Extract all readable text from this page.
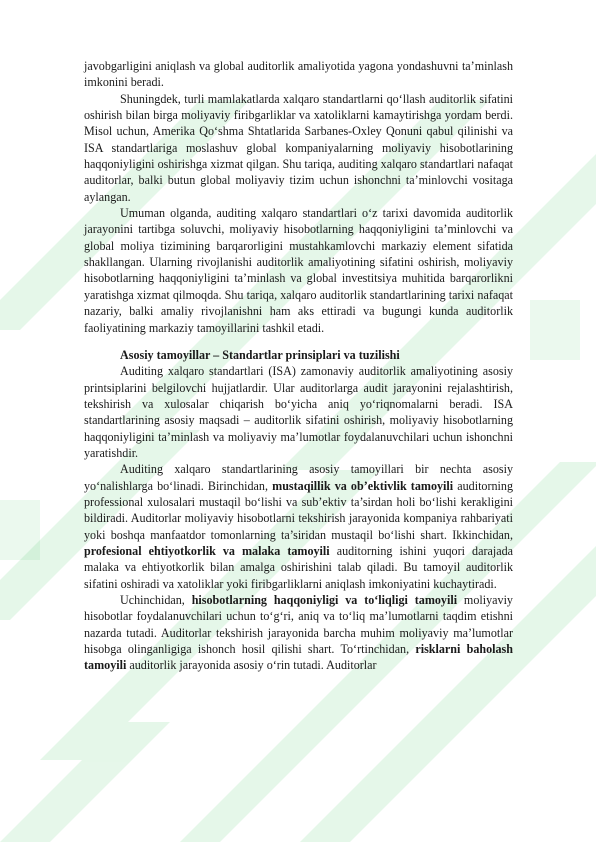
javobgarligini aniqlash va global auditorlik amaliyotida yagona yondashuvni ta’minlash imkonini beradi.

Shuningdek, turli mamlakatlarda xalqaro standartlarni qo‘llash auditorlik sifatini oshirish bilan birga moliyaviy firibgarliklar va xatoliklarni kamaytirishga yordam berdi. Misol uchun, Amerika Qo‘shma Shtatlarida Sarbanes-Oxley Qonuni qabul qilinishi va ISA standartlariga moslashuv global kompaniyalarning moliyaviy hisobotlarining haqqoniyligini oshirishga xizmat qilgan. Shu tariqa, auditing xalqaro standartlari nafaqat auditorlar, balki butun global moliyaviy tizim uchun ishonchni ta’minlovchi vositaga aylangan.

Umuman olganda, auditing xalqaro standartlari o‘z tarixi davomida auditorlik jarayonini tartibga soluvchi, moliyaviy hisobotlarning haqqoniyligini ta’minlovchi va global moliya tizimining barqarorligini mustahkamlovchi markaziy element sifatida shakllangan. Ularning rivojlanishi auditorlik amaliyotining sifatini oshirish, moliyaviy hisobotlarning haqqoniyligini ta’minlash va global investitsiya muhitida barqarorlikni yaratishga xizmat qilmoqda. Shu tariqa, xalqaro auditorlik standartlarining tarixi nafaqat nazariy, balki amaliy rivojlanishni ham aks ettiradi va bugungi kunda auditorlik faoliyatining markaziy tamoyillarini tashkil etadi.

Asosiy tamoyillar – Standartlar prinsiplari va tuzilishi

Auditing xalqaro standartlari (ISA) zamonaviy auditorlik amaliyotining asosiy printsiplarini belgilovchi hujjatlardir. Ular auditorlarga audit jarayonini rejalashtirish, tekshirish va xulosalar chiqarish bo‘yicha aniq yo‘riqnomalarni beradi. ISA standartlarining asosiy maqsadi – auditorlik sifatini oshirish, moliyaviy hisobotlarning haqqoniyligini ta’minlash va moliyaviy ma’lumotlar foydalanuvchilari uchun ishonchni yaratishdir.

Auditing xalqaro standartlarining asosiy tamoyillari bir nechta asosiy yo‘nalishlarga bo‘linadi. Birinchidan, mustaqillik va ob’ektivlik tamoyili auditorning professional xulosalari mustaqil bo‘lishi va sub’ektiv ta’sirdan holi bo‘lishi kerakligini bildiradi. Auditorlar moliyaviy hisobotlarni tekshirish jarayonida kompaniya rahbariyati yoki boshqa manfaatdor tomonlarning ta’siridan mustaqil bo‘lishi shart. Ikkinchidan, profesional ehtiyotkorlik va malaka tamoyili auditorning ishini yuqori darajada malaka va ehtiyotkorlik bilan amalga oshirishini talab qiladi. Bu tamoyil auditorlik sifatini oshiradi va xatoliklar yoki firibgarliklarni aniqlash imkoniyatini kuchaytiradi.

Uchinchidan, hisobotlarning haqqoniyligi va to‘liqligi tamoyili moliyaviy hisobotlar foydalanuvchilari uchun to‘g‘ri, aniq va to‘liq ma’lumotlarni taqdim etishni nazarda tutadi. Auditorlar tekshirish jarayonida barcha muhim moliyaviy ma’lumotlar hisobga olinganligiga ishonch hosil qilishi shart. To‘rtinchidan, risklarni baholash tamoyili auditorlik jarayonida asosiy o‘rin tutadi. Auditorlar
